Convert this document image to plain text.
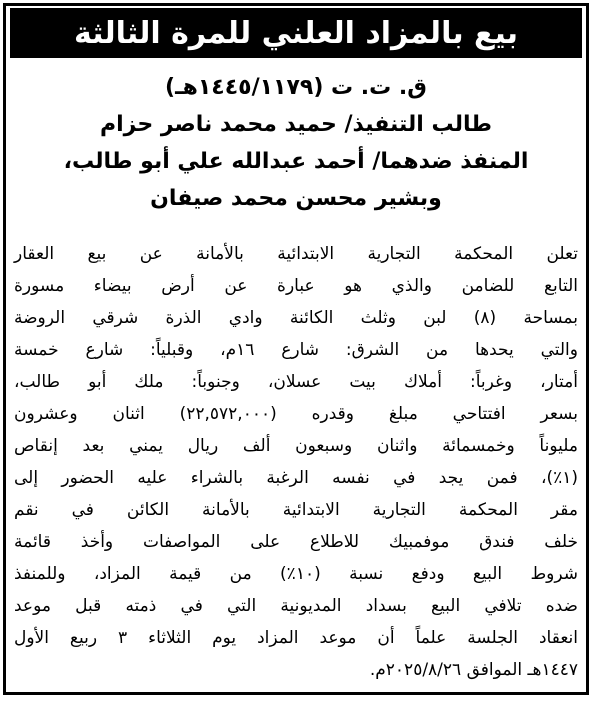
بيع بالمزاد العلني للمرة الثالثة
ق. ت. ت (١٤٤٥/١١٧٩هـ)
طالب التنفيذ/ حميد محمد ناصر حزام
المنفذ ضدهما/ أحمد عبدالله علي أبو طالب،
وبشير محسن محمد صيفان
تعلن المحكمة التجارية الابتدائية بالأمانة عن بيع العقار
التابع للضامن والذي هو عبارة عن أرض بيضاء مسورة
بمساحة (٨) لبن وثلث الكائنة وادي الذرة شرقي الروضة
والتي يحدها من الشرق: شارع ١٦م، وقبلياً: شارع خمسة
أمتار، وغرباً: أملاك بيت عسلان، وجنوباً: ملك أبو طالب،
بسعر افتتاحي مبلغ وقدره (٢٢,٥٧٢,٠٠٠) اثنان وعشرون
مليوناً وخمسمائة واثنان وسبعون ألف ريال يمني بعد إنقاص
(١٪)، فمن يجد في نفسه الرغبة بالشراء عليه الحضور إلى
مقر المحكمة التجارية الابتدائية بالأمانة الكائن في نقم
خلف فندق موفمبيك للاطلاع على المواصفات وأخذ قائمة
شروط البيع ودفع نسبة (١٠٪) من قيمة المزاد، وللمنفذ
ضده تلافي البيع بسداد المديونية التي في ذمته قبل موعد
انعقاد الجلسة علماً أن موعد المزاد يوم الثلاثاء ٣ ربيع الأول
١٤٤٧هـ الموافق ٢٠٢٥/٨/٢٦م.
